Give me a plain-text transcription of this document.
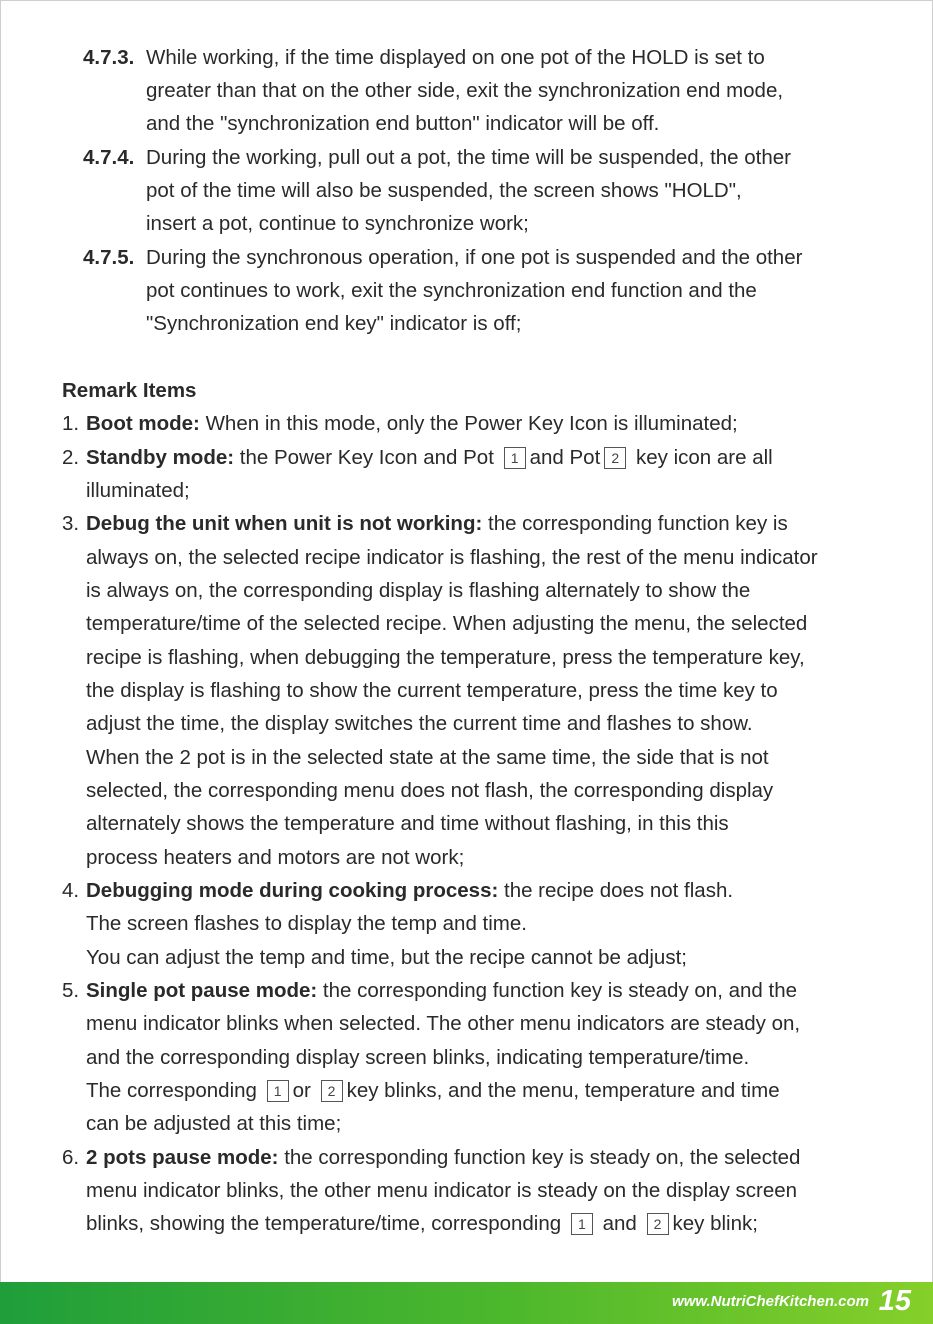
4.7.3. While working, if the time displayed on one pot of the HOLD is set to
greater than that on the other side, exit the synchronization end mode,
and the "synchronization end button" indicator will be off.
4.7.4. During the working, pull out a pot, the time will be suspended, the other
pot of the time will also be suspended, the screen shows "HOLD",
insert a pot, continue to synchronize work;
4.7.5. During the synchronous operation, if one pot is suspended and the other
pot continues to work, exit the synchronization end function and the
"Synchronization end key" indicator is off;
Remark Items
1. Boot mode: When in this mode, only the Power Key Icon is illuminated;
2. Standby mode: the Power Key Icon and Pot 1 and Pot 2 key icon are all
illuminated;
3. Debug the unit when unit is not working: the corresponding function key is
always on, the selected recipe indicator is flashing, the rest of the menu indicator
is always on, the corresponding display is flashing alternately to show the
temperature/time of the selected recipe. When adjusting the menu, the selected
recipe is flashing, when debugging the temperature, press the temperature key,
the display is flashing to show the current temperature, press the time key to
adjust the time, the display switches the current time and flashes to show.
When the 2 pot is in the selected state at the same time, the side that is not
selected, the corresponding menu does not flash, the corresponding display
alternately shows the temperature and time without flashing, in this this
process heaters and motors are not work;
4. Debugging mode during cooking process: the recipe does not flash.
The screen flashes to display the temp and time.
You can adjust the temp and time, but the recipe cannot be adjust;
5. Single pot pause mode: the corresponding function key is steady on, and the
menu indicator blinks when selected. The other menu indicators are steady on,
and the corresponding display screen blinks, indicating temperature/time.
The corresponding 1 or 2 key blinks, and the menu, temperature and time
can be adjusted at this time;
6. 2 pots pause mode: the corresponding function key is steady on, the selected
menu indicator blinks, the other menu indicator is steady on the display screen
blinks, showing the temperature/time, corresponding 1 and 2 key blink;
www.NutriChefKitchen.com 15
